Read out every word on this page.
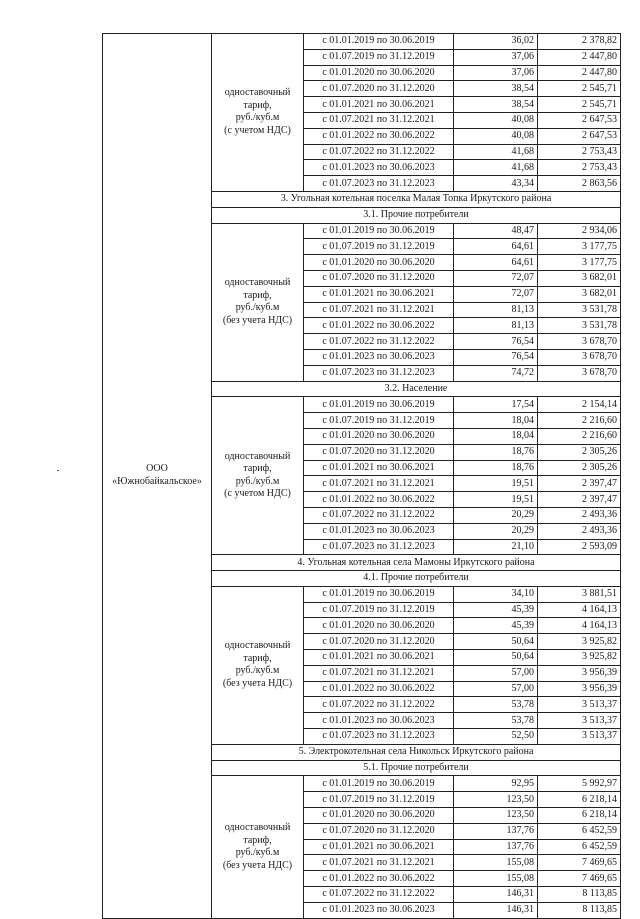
ООО
«Южнобайкальское»	одноставочный
тариф,
руб./куб.м
(с учетом НДС)	с 01.01.2019 по 30.06.2019	36,02	2 378,82
		с 01.07.2019 по 31.12.2019	37,06	2 447,80
		с 01.01.2020 по 30.06.2020	37,06	2 447,80
		с 01.07.2020 по 31.12.2020	38,54	2 545,71
		с 01.01.2021 по 30.06.2021	38,54	2 545,71
		с 01.07.2021 по 31.12.2021	40,08	2 647,53
		с 01.01.2022 по 30.06.2022	40,08	2 647,53
		с 01.07.2022 по 31.12.2022	41,68	2 753,43
		с 01.01.2023 по 30.06.2023	41,68	2 753,43
		с 01.07.2023 по 31.12.2023	43,34	2 863,56
	3. Угольная котельная поселка Малая Топка Иркутского района			
	3.1. Прочие потребители			

	одноставочный
тариф,
руб./куб.м
(без учета НДС)	с 01.01.2019 по 30.06.2019	48,47	2 934,06
		с 01.07.2019 по 31.12.2019	64,61	3 177,75
		с 01.01.2020 по 30.06.2020	64,61	3 177,75
		с 01.07.2020 по 31.12.2020	72,07	3 682,01
		с 01.01.2021 по 30.06.2021	72,07	3 682,01
		с 01.07.2021 по 31.12.2021	81,13	3 531,78
		с 01.01.2022 по 30.06.2022	81,13	3 531,78
		с 01.07.2022 по 31.12.2022	76,54	3 678,70
		с 01.01.2023 по 30.06.2023	76,54	3 678,70
		с 01.07.2023 по 31.12.2023	74,72	3 678,70
	3.2. Население			

	одноставочный
тариф,
руб./куб.м
(с учетом НДС)	с 01.01.2019 по 30.06.2019	17,54	2 154,14
		с 01.07.2019 по 31.12.2019	18,04	2 216,60
		с 01.01.2020 по 30.06.2020	18,04	2 216,60
		с 01.07.2020 по 31.12.2020	18,76	2 305,26
		с 01.01.2021 по 30.06.2021	18,76	2 305,26
		с 01.07.2021 по 31.12.2021	19,51	2 397,47
		с 01.01.2022 по 30.06.2022	19,51	2 397,47
		с 01.07.2022 по 31.12.2022	20,29	2 493,36
		с 01.01.2023 по 30.06.2023	20,29	2 493,36
		с 01.07.2023 по 31.12.2023	21,10	2 593,09
	4. Угольная котельная села Мамоны Иркутского района			
	4.1. Прочие потребители			

	одноставочный
тариф,
руб./куб.м
(без учета НДС)	с 01.01.2019 по 30.06.2019	34,10	3 881,51
		с 01.07.2019 по 31.12.2019	45,39	4 164,13
		с 01.01.2020 по 30.06.2020	45,39	4 164,13
		с 01.07.2020 по 31.12.2020	50,64	3 925,82
		с 01.01.2021 по 30.06.2021	50,64	3 925,82
		с 01.07.2021 по 31.12.2021	57,00	3 956,39
		с 01.01.2022 по 30.06.2022	57,00	3 956,39
		с 01.07.2022 по 31.12.2022	53,78	3 513,37
		с 01.01.2023 по 30.06.2023	53,78	3 513,37
		с 01.07.2023 по 31.12.2023	52,50	3 513,37
	5. Электрокотельная села Никольск Иркутского района			
	5.1. Прочие потребители			

	одноставочный
тариф,
руб./куб.м
(без учета НДС)	с 01.01.2019 по 30.06.2019	92,95	5 992,97
		с 01.07.2019 по 31.12.2019	123,50	6 218,14
		с 01.01.2020 по 30.06.2020	123,50	6 218,14
		с 01.07.2020 по 31.12.2020	137,76	6 452,59
		с 01.01.2021 по 30.06.2021	137,76	6 452,59
		с 01.07.2021 по 31.12.2021	155,08	7 469,65
		с 01.01.2022 по 30.06.2022	155,08	7 469,65
		с 01.07.2022 по 31.12.2022	146,31	8 113,85
		с 01.01.2023 по 30.06.2023	146,31	8 113,85
